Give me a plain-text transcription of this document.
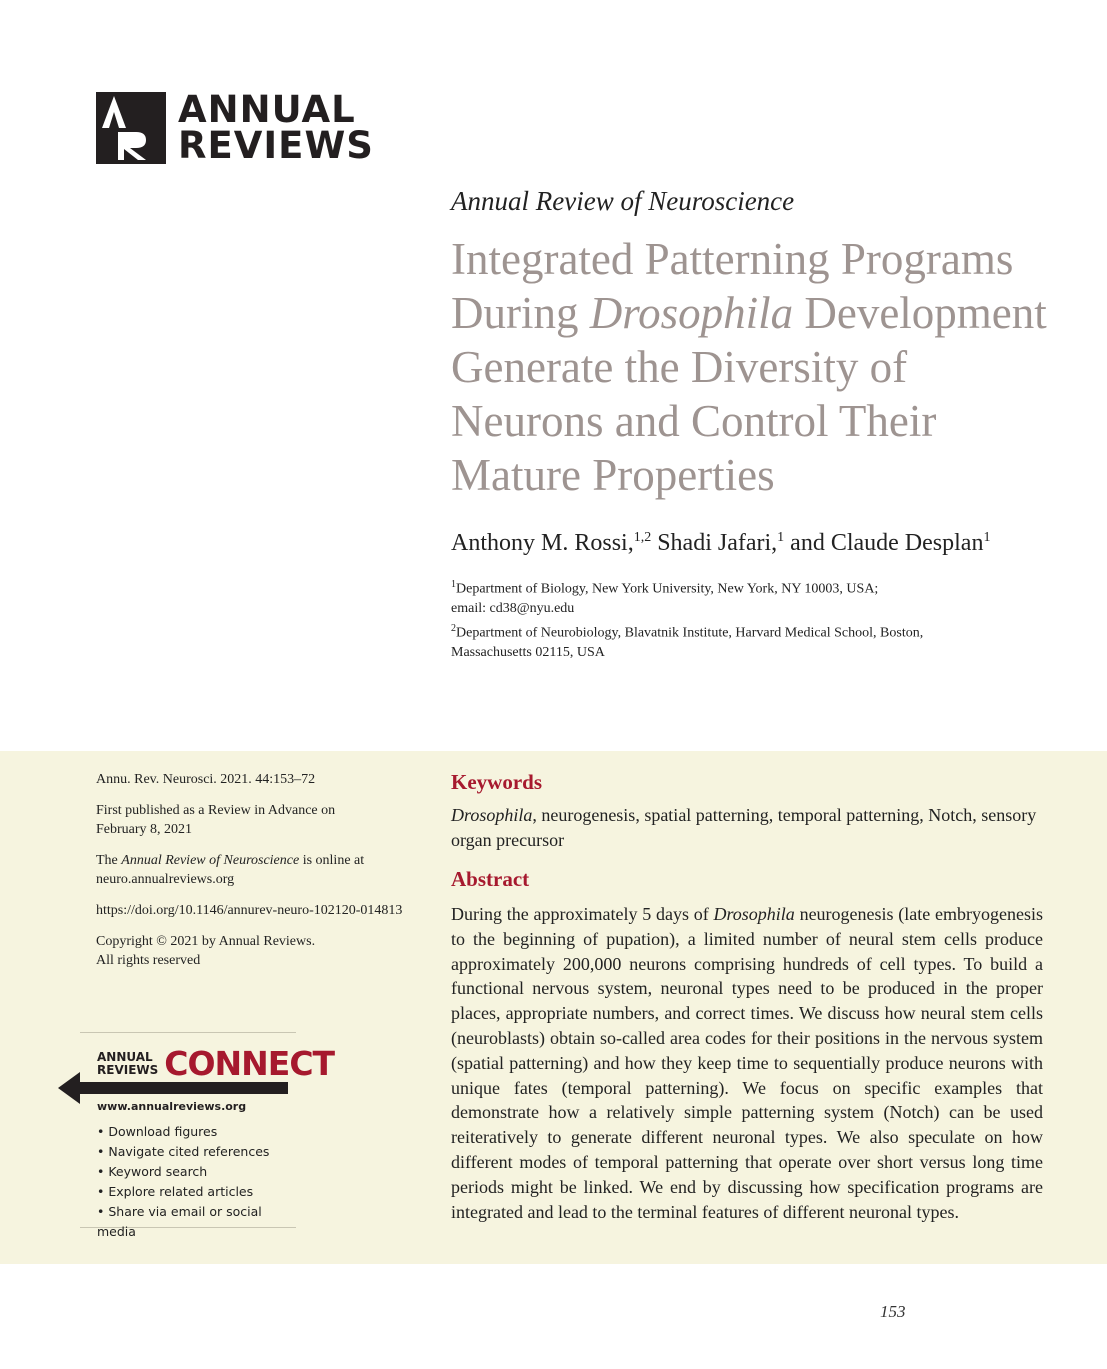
ANNUAL
REVIEWS
Annual Review of Neuroscience
Integrated Patterning Programs
During Drosophila Development
Generate the Diversity of
Neurons and Control Their
Mature Properties
Anthony M. Rossi,$^{1,2}$ Shadi Jafari,$^1$ and Claude Desplan$^1$
$^1$Department of Biology, New York University, New York, NY 10003, USA;
email: cd38@nyu.edu
$^2$Department of Neurobiology, Blavatnik Institute, Harvard Medical School, Boston,
Massachusetts 02115, USA

Annu. Rev. Neurosci. 2021. 44:153–72

First published as a Review in Advance on
February 8, 2021

The Annual Review of Neuroscience is online at
neuro.annualreviews.org

https://doi.org/10.1146/annurev-neuro-102120-014813

Copyright © 2021 by Annual Reviews.
All rights reserved

ANNUAL
REVIEWS CONNECT
www.annualreviews.org
• Download figures
• Navigate cited references
• Keyword search
• Explore related articles
• Share via email or social media
Keywords

Drosophila, neurogenesis, spatial patterning, temporal patterning, Notch, sensory organ precursor

Abstract

During the approximately 5 days of Drosophila neurogenesis (late embryogenesis to the beginning of pupation), a limited number of neural stem cells produce approximately 200,000 neurons comprising hundreds of cell types. To build a functional nervous system, neuronal types need to be produced in the proper places, appropriate numbers, and correct times. We discuss how neural stem cells (neuroblasts) obtain so-called area codes for their positions in the nervous system (spatial patterning) and how they keep time to sequentially produce neurons with unique fates (temporal patterning). We focus on specific examples that demonstrate how a relatively simple patterning system (Notch) can be used reiteratively to generate different neuronal types. We also speculate on how different modes of temporal patterning that operate over short versus long time periods might be linked. We end by discussing how specification programs are integrated and lead to the terminal features of different neuronal types.

153
